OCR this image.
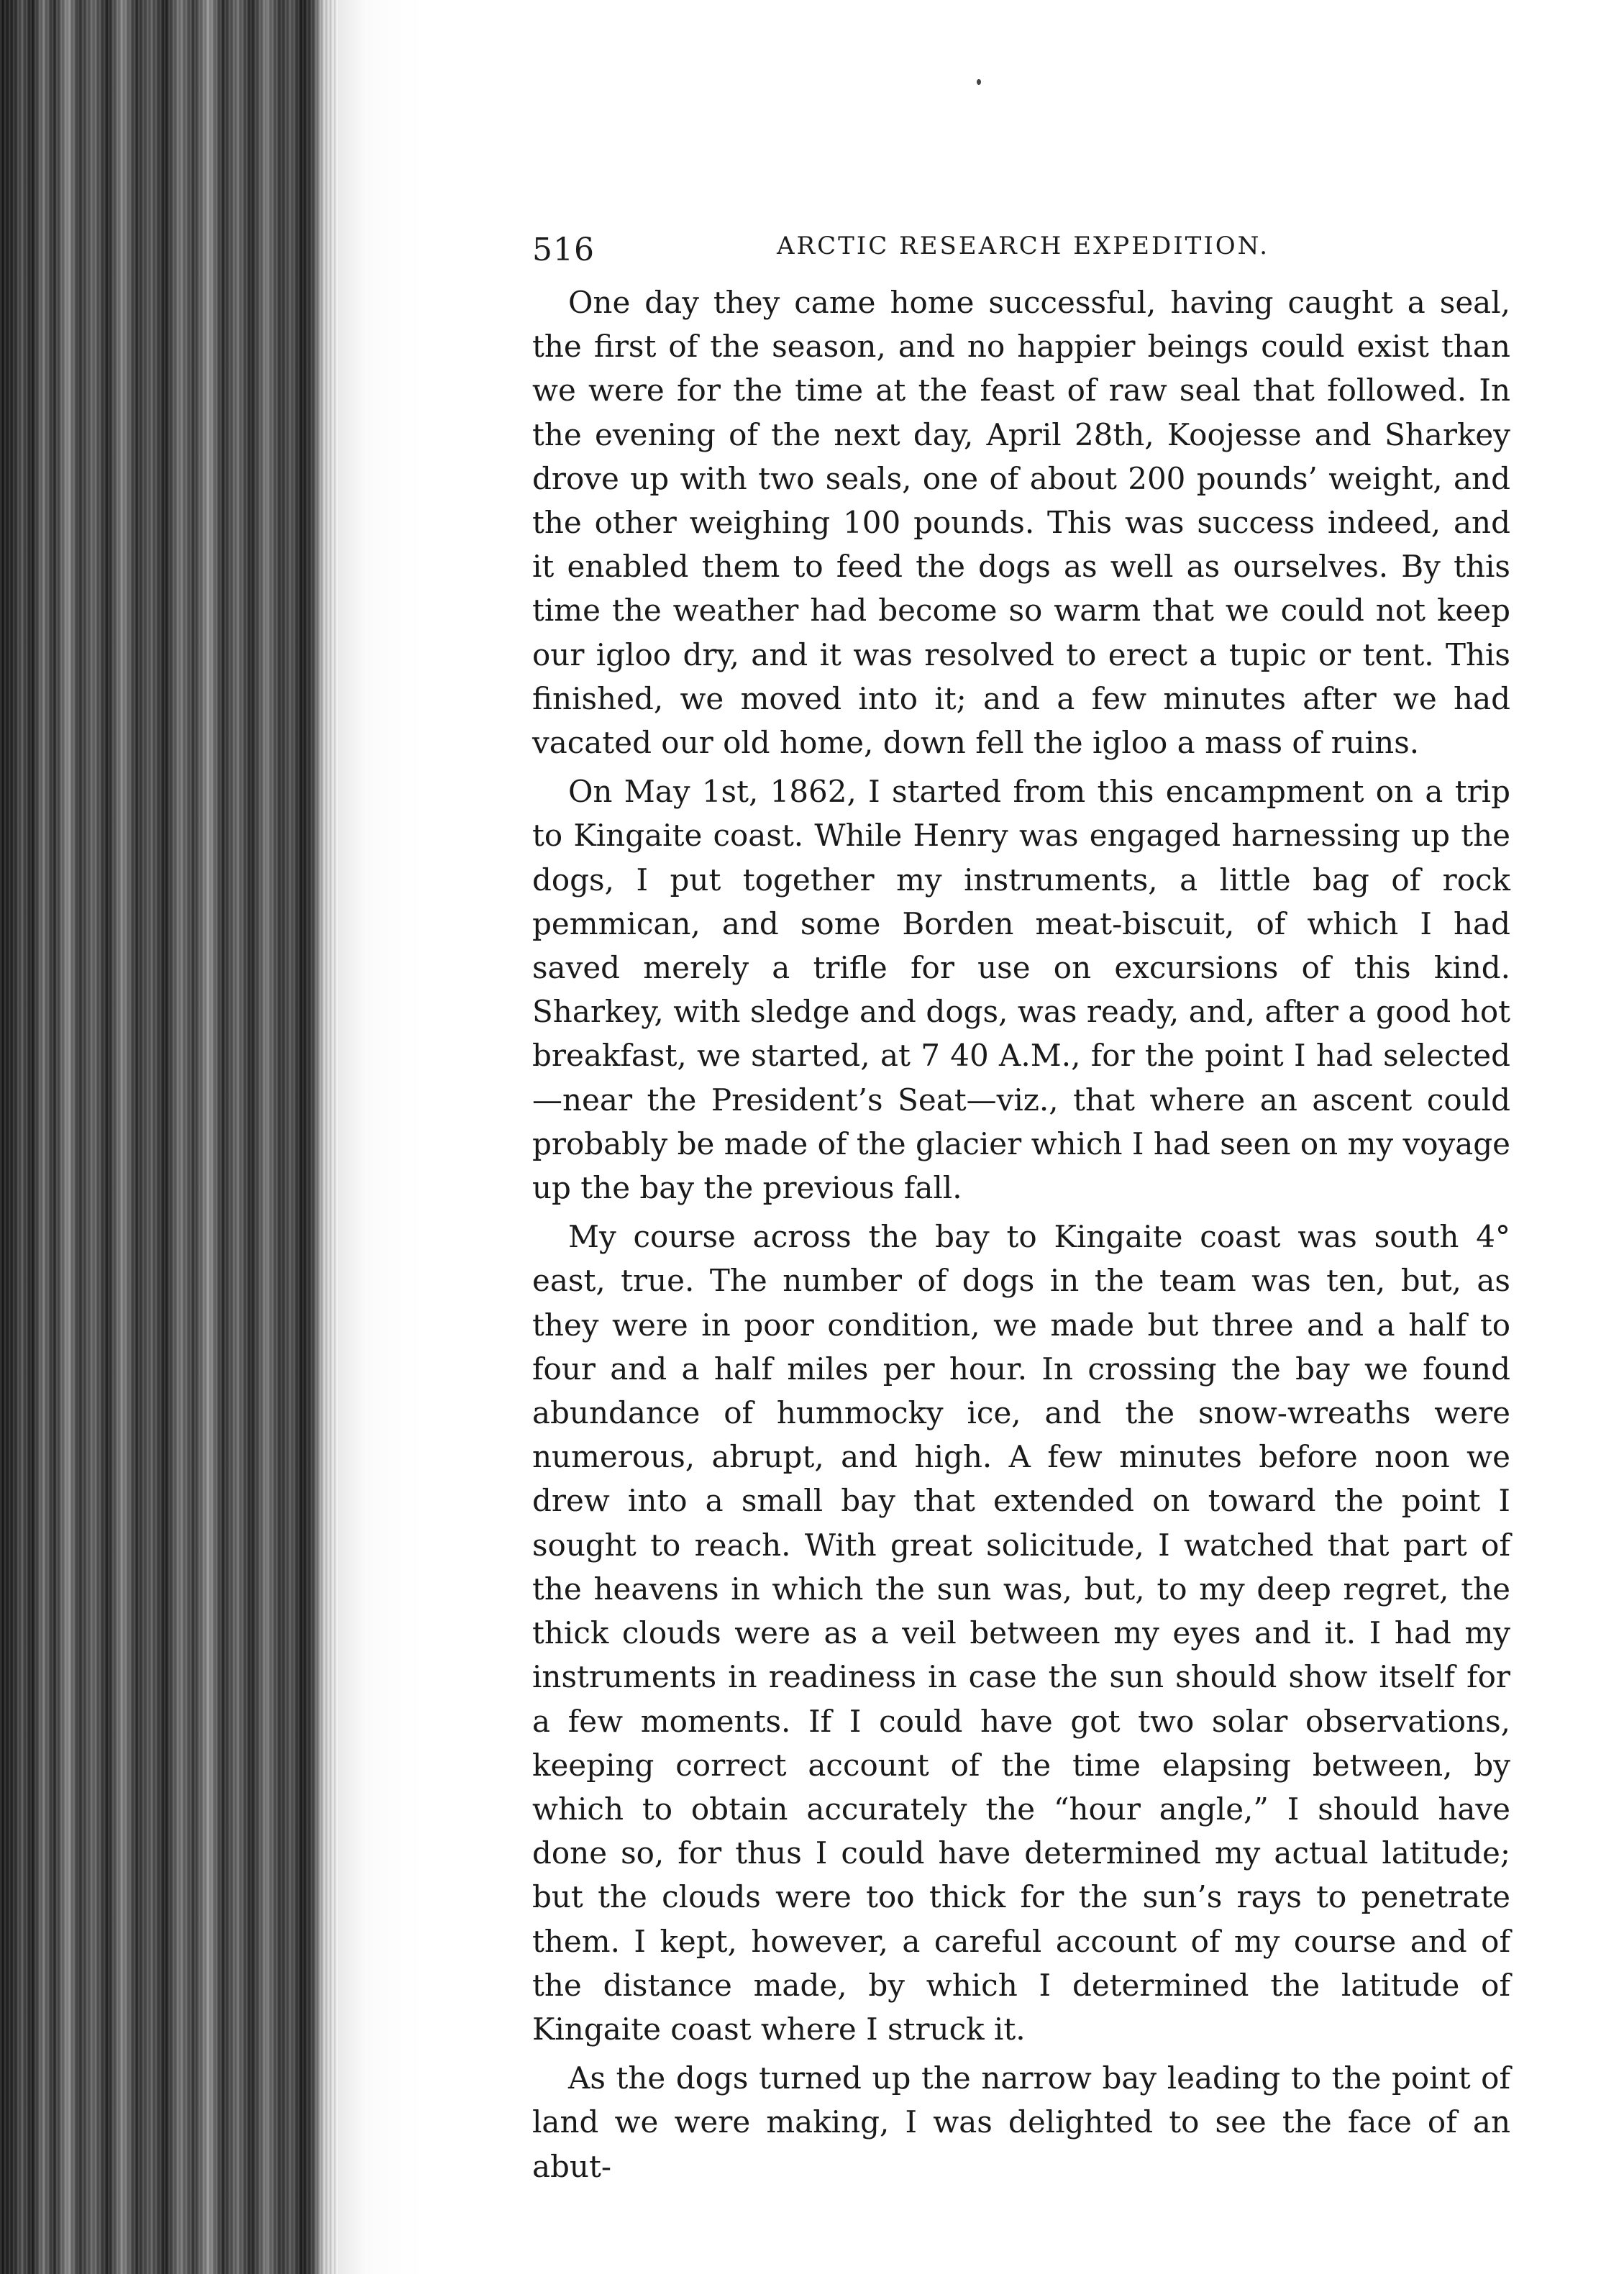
516	ARCTIC RESEARCH EXPEDITION.

One day they came home successful, having caught a seal, the first of the season, and no happier beings could exist than we were for the time at the feast of raw seal that followed. In the evening of the next day, April 28th, Koojesse and Sharkey drove up with two seals, one of about 200 pounds’ weight, and the other weighing 100 pounds. This was success indeed, and it enabled them to feed the dogs as well as ourselves. By this time the weather had become so warm that we could not keep our igloo dry, and it was resolved to erect a tupic or tent. This finished, we moved into it; and a few minutes after we had vacated our old home, down fell the igloo a mass of ruins.

On May 1st, 1862, I started from this encampment on a trip to Kingaite coast. While Henry was engaged harnessing up the dogs, I put together my instruments, a little bag of rock pemmican, and some Borden meat-biscuit, of which I had saved merely a trifle for use on excursions of this kind. Sharkey, with sledge and dogs, was ready, and, after a good hot breakfast, we started, at 7 40 A.M., for the point I had selected—near the President’s Seat—viz., that where an ascent could probably be made of the glacier which I had seen on my voyage up the bay the previous fall.

My course across the bay to Kingaite coast was south 4° east, true. The number of dogs in the team was ten, but, as they were in poor condition, we made but three and a half to four and a half miles per hour. In crossing the bay we found abundance of hummocky ice, and the snow-wreaths were numerous, abrupt, and high. A few minutes before noon we drew into a small bay that extended on toward the point I sought to reach. With great solicitude, I watched that part of the heavens in which the sun was, but, to my deep regret, the thick clouds were as a veil between my eyes and it. I had my instruments in readiness in case the sun should show itself for a few moments. If I could have got two solar observations, keeping correct account of the time elapsing between, by which to obtain accurately the “hour angle,” I should have done so, for thus I could have determined my actual latitude; but the clouds were too thick for the sun’s rays to penetrate them. I kept, however, a careful account of my course and of the distance made, by which I determined the latitude of Kingaite coast where I struck it.

As the dogs turned up the narrow bay leading to the point of land we were making, I was delighted to see the face of an abut-
